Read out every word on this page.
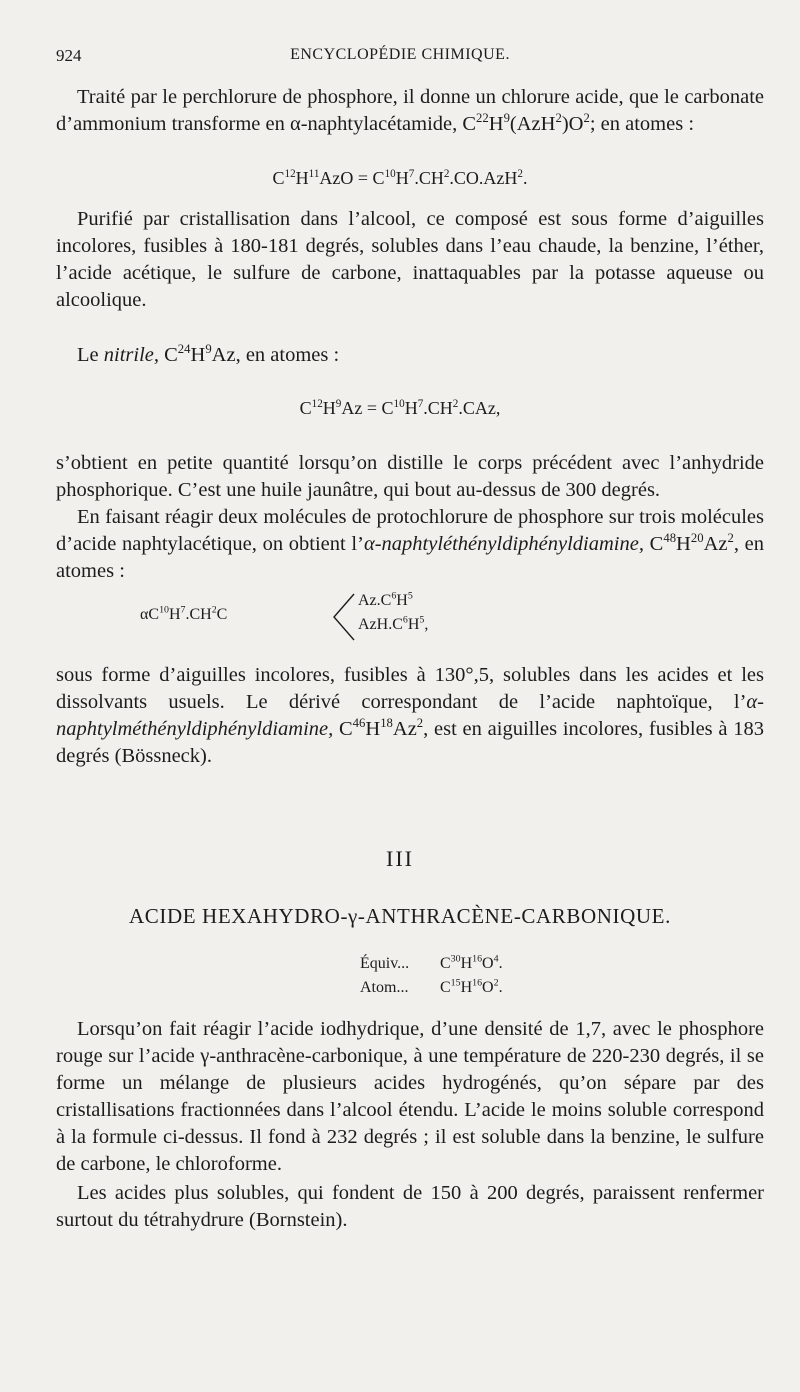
924	ENCYCLOPÉDIE CHIMIQUE.

Traité par le perchlorure de phosphore, il donne un chlorure acide, que le carbonate d’ammonium transforme en α-naphtylacétamide, $C^{22}H^9(AzH^2)O^2$; en atomes :

$C^{12}H^{11}AzO = C^{10}H^7.CH^2.CO.AzH^2$.

Purifié par cristallisation dans l’alcool, ce composé est sous forme d’aiguilles incolores, fusibles à 180-181 degrés, solubles dans l’eau chaude, la benzine, l’éther, l’acide acétique, le sulfure de carbone, inattaquables par la potasse aqueuse ou alcoolique.

Le nitrile, $C^{24}H^9Az$, en atomes :

$C^{12}H^9Az = C^{10}H^7.CH^2.CAz$,

s’obtient en petite quantité lorsqu’on distille le corps précédent avec l’anhydride phosphorique. C’est une huile jaunâtre, qui bout au-dessus de 300 degrés.

En faisant réagir deux molécules de protochlorure de phosphore sur trois molécules d’acide naphtylacétique, on obtient l’α-naphtyléthényldiphényldiamine, $C^{48}H^{20}Az^2$, en atomes :

$\alpha C^{10}H^7.CH^2C$
$Az.C^6H^5$
$AzH.C^6H^5$,

sous forme d’aiguilles incolores, fusibles à 130°,5, solubles dans les acides et les dissolvants usuels. Le dérivé correspondant de l’acide naphtoïque, l’α-naphtylméthényldiphényldiamine, $C^{46}H^{18}Az^2$, est en aiguilles incolores, fusibles à 183 degrés (Bössneck).

III
ACIDE HEXAHYDRO-γ-ANTHRACÈNE-CARBONIQUE.
Équiv... $C^{30}H^{16}O^4$.
Atom... $C^{15}H^{16}O^2$.

Lorsqu’on fait réagir l’acide iodhydrique, d’une densité de 1,7, avec le phosphore rouge sur l’acide γ-anthracène-carbonique, à une température de 220-230 degrés, il se forme un mélange de plusieurs acides hydrogénés, qu’on sépare par des cristallisations fractionnées dans l’alcool étendu. L’acide le moins soluble correspond à la formule ci-dessus. Il fond à 232 degrés ; il est soluble dans la benzine, le sulfure de carbone, le chloroforme.

Les acides plus solubles, qui fondent de 150 à 200 degrés, paraissent renfermer surtout du tétrahydrure (Bornstein).
